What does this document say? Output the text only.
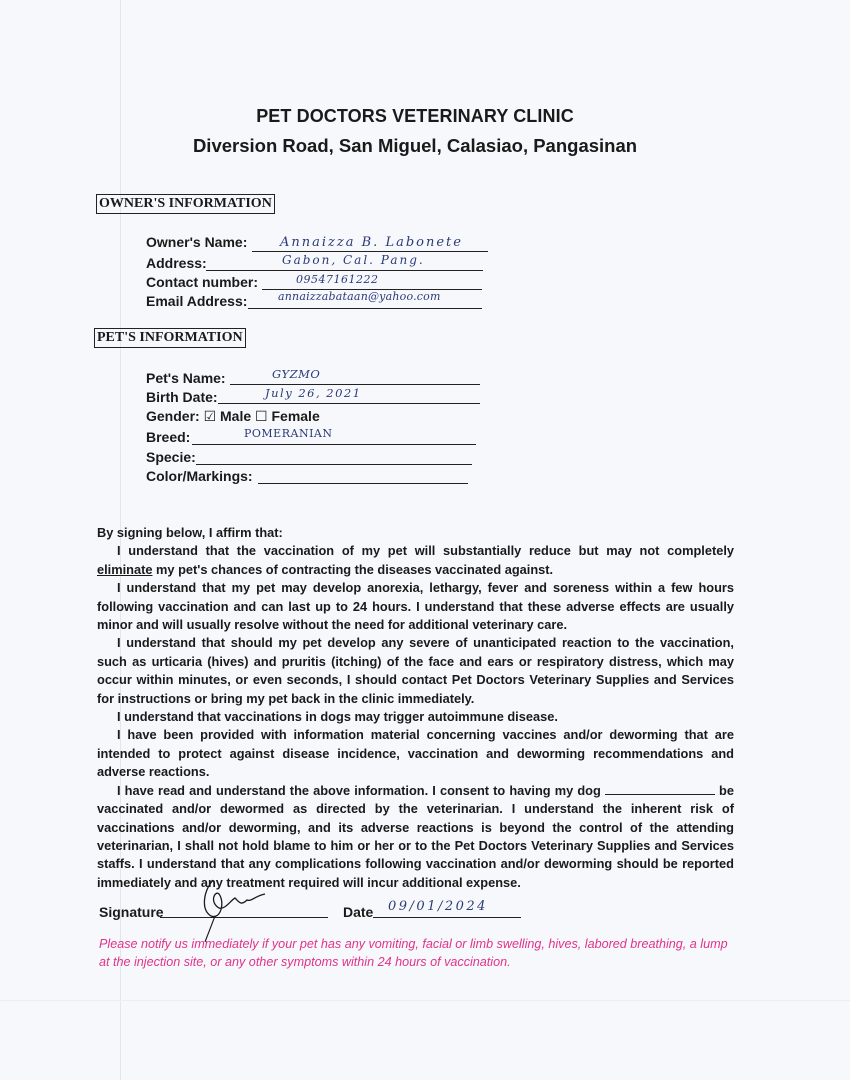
PET DOCTORS VETERINARY CLINIC
Diversion Road, San Miguel, Calasiao, Pangasinan
OWNER'S INFORMATION
Owner's Name:	Annaizza B. Labonete
Address:	Gabon, Cal. Pang.
Contact number:	09547161222
Email Address:	annaizzabataan@yahoo.com
PET'S INFORMATION
Pet's Name:	GYZMO
Birth Date:	July 26, 2021
Gender: ☑ Male ☐ Female
Breed:	POMERANIAN
Specie:
Color/Markings:

By signing below, I affirm that:

I understand that the vaccination of my pet will substantially reduce but may not completely eliminate my pet's chances of contracting the diseases vaccinated against.

I understand that my pet may develop anorexia, lethargy, fever and soreness within a few hours following vaccination and can last up to 24 hours. I understand that these adverse effects are usually minor and will usually resolve without the need for additional veterinary care.

I understand that should my pet develop any severe of unanticipated reaction to the vaccination, such as urticaria (hives) and pruritis (itching) of the face and ears or respiratory distress, which may occur within minutes, or even seconds, I should contact Pet Doctors Veterinary Supplies and Services for instructions or bring my pet back in the clinic immediately.

I understand that vaccinations in dogs may trigger autoimmune disease.

I have been provided with information material concerning vaccines and/or deworming that are intended to protect against disease incidence, vaccination and deworming recommendations and adverse reactions.

I have read and understand the above information. I consent to having my dog	be vaccinated and/or dewormed as directed by the veterinarian. I understand the inherent risk of vaccinations and/or deworming, and its adverse reactions is beyond the control of the attending veterinarian, I shall not hold blame to him or her or to the Pet Doctors Veterinary Supplies and Services staffs. I understand that any complications following vaccination and/or deworming should be reported immediately and any treatment required will incur additional expense.

Signature	Date 09/01/2024
Please notify us immediately if your pet has any vomiting, facial or limb swelling, hives, labored breathing, a lump at the injection site, or any other symptoms within 24 hours of vaccination.
